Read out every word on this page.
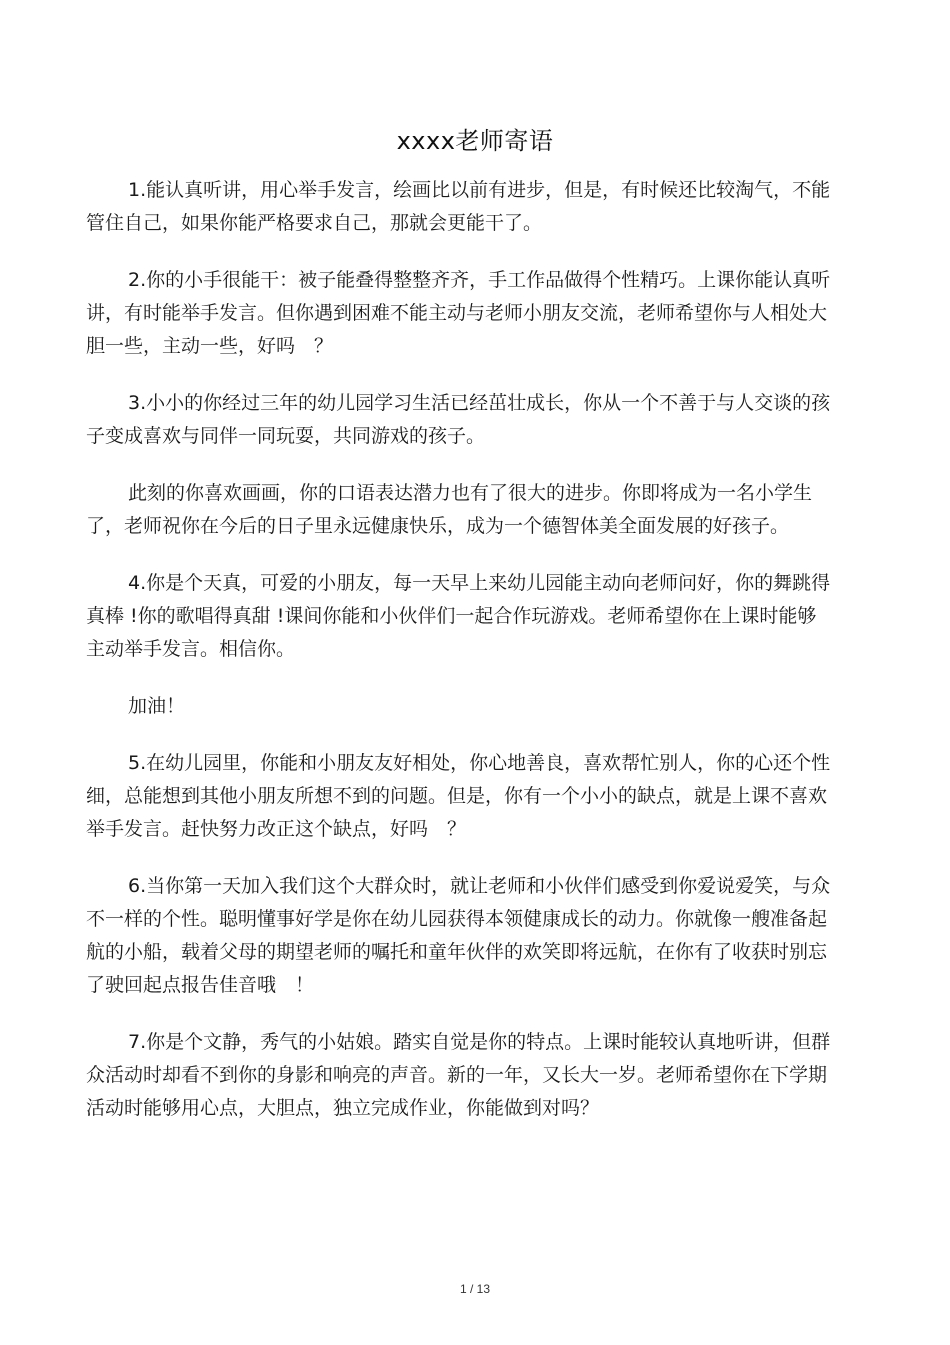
xxxx老师寄语

1.能认真听讲，用心举手发言，绘画比以前有进步，但是，有时候还比较淘气，不能管住自己，如果你能严格要求自己，那就会更能干了。

2.你的小手很能干：被子能叠得整整齐齐，手工作品做得个性精巧。上课你能认真听讲，有时能举手发言。但你遇到困难不能主动与老师小朋友交流，老师希望你与人相处大胆一些，主动一些，好吗　？

3.小小的你经过三年的幼儿园学习生活已经茁壮成长，你从一个不善于与人交谈的孩子变成喜欢与同伴一同玩耍，共同游戏的孩子。

此刻的你喜欢画画，你的口语表达潜力也有了很大的进步。你即将成为一名小学生了，老师祝你在今后的日子里永远健康快乐，成为一个德智体美全面发展的好孩子。

4.你是个天真，可爱的小朋友，每一天早上来幼儿园能主动向老师问好，你的舞跳得真棒 !你的歌唱得真甜 !课间你能和小伙伴们一起合作玩游戏。老师希望你在上课时能够主动举手发言。相信你。

加油！

5.在幼儿园里，你能和小朋友友好相处，你心地善良，喜欢帮忙别人，你的心还个性细，总能想到其他小朋友所想不到的问题。但是，你有一个小小的缺点，就是上课不喜欢举手发言。赶快努力改正这个缺点，好吗　？

6.当你第一天加入我们这个大群众时，就让老师和小伙伴们感受到你爱说爱笑，与众不一样的个性。聪明懂事好学是你在幼儿园获得本领健康成长的动力。你就像一艘准备起航的小船，载着父母的期望老师的嘱托和童年伙伴的欢笑即将远航，在你有了收获时别忘了驶回起点报告佳音哦　！

7.你是个文静，秀气的小姑娘。踏实自觉是你的特点。上课时能较认真地听讲，但群众活动时却看不到你的身影和响亮的声音。新的一年，又长大一岁。老师希望你在下学期活动时能够用心点，大胆点，独立完成作业，你能做到对吗？

1 / 13
